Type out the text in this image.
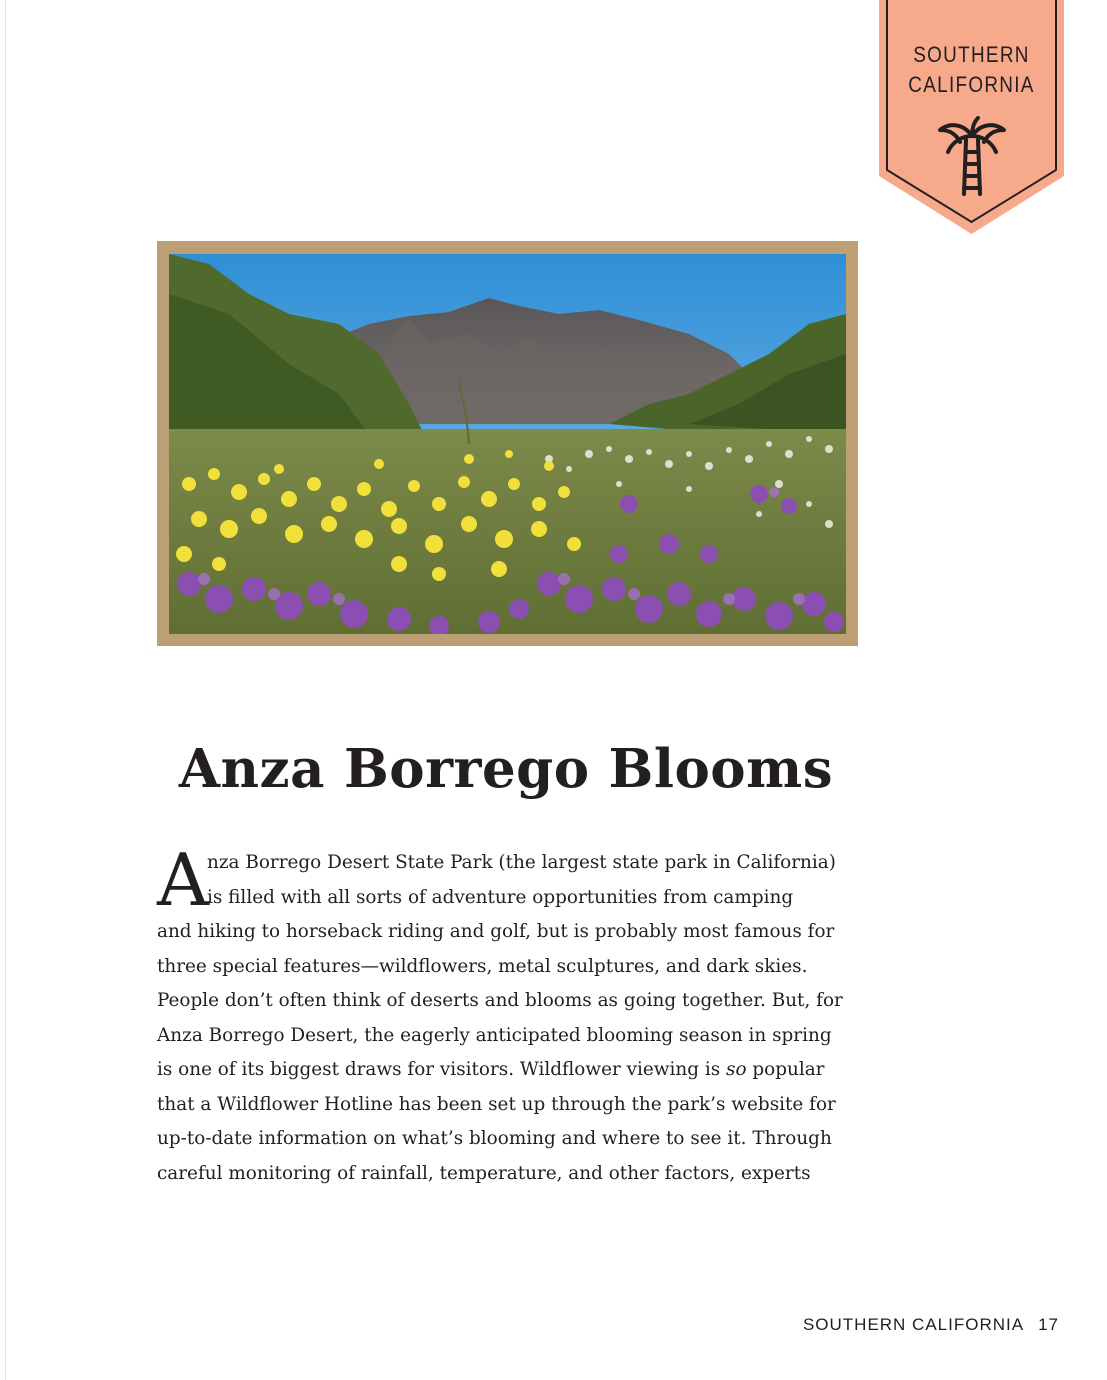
SOUTHERN
CALIFORNIA
Anza Borrego Blooms
A
nza Borrego Desert State Park (the largest state park in California)
is filled with all sorts of adventure opportunities from camping
and hiking to horseback riding and golf, but is probably most famous for
three special features—wildflowers, metal sculptures, and dark skies.
People don’t often think of deserts and blooms as going together. But, for
Anza Borrego Desert, the eagerly anticipated blooming season in spring
is one of its biggest draws for visitors. Wildflower viewing is so popular
that a Wildflower Hotline has been set up through the park’s website for
up-to-date information on what’s blooming and where to see it. Through
careful monitoring of rainfall, temperature, and other factors, experts
SOUTHERN CALIFORNIA 17
